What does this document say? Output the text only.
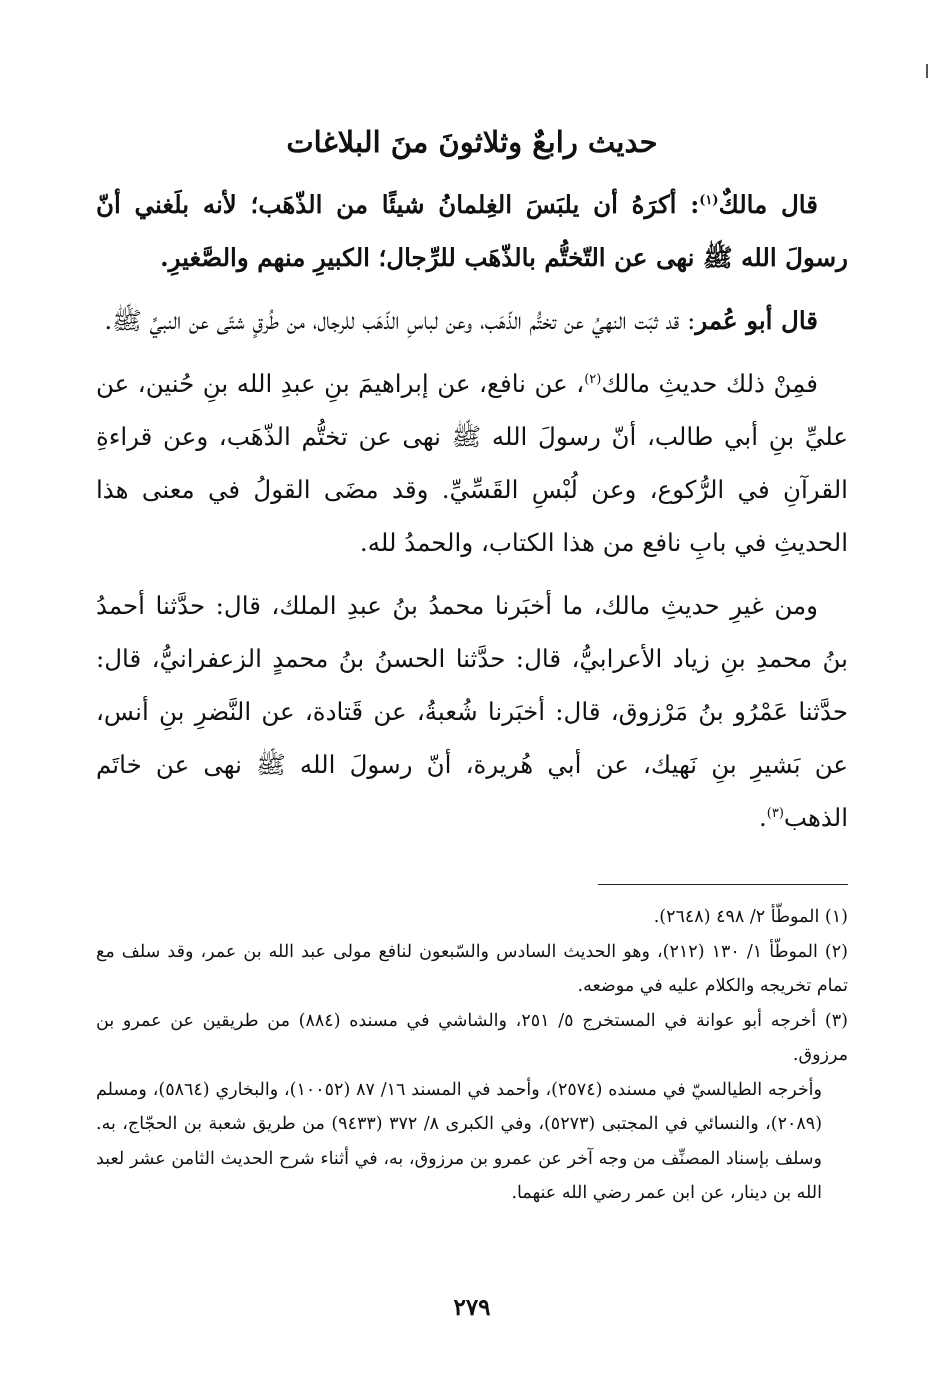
حديث رابعٌ وثلاثونَ منَ البلاغات

قال مالكٌ$^{(١)}$: أكرَهُ أن يلبَسَ الغِلمانُ شيئًا من الذّهَب؛ لأنه بلَغني أنّ رسولَ الله ﷺ نهى عن التّختُّم بالذّهَب للرِّجال؛ الكبيرِ منهم والصَّغيرِ.

قال أبو عُمر: قد ثبَت النهيُ عن تختُّم الذّهَب، وعن لباسِ الذّهَب للرجال، من طُرقٍ شتّى عن النبيِّ ﷺ.

فمِنْ ذلك حديثِ مالك$^{(٢)}$، عن نافع، عن إبراهيمَ بنِ عبدِ الله بنِ حُنين، عن عليِّ بنِ أبي طالب، أنّ رسولَ الله ﷺ نهى عن تختُّم الذّهَب، وعن قراءةِ القرآنِ في الرُّكوع، وعن لُبْسِ القَسِّيِّ. وقد مضَى القولُ في معنى هذا الحديثِ في بابِ نافع من هذا الكتاب، والحمدُ لله.

ومن غيرِ حديثِ مالك، ما أخبَرنا محمدُ بنُ عبدِ الملك، قال: حدَّثنا أحمدُ بنُ محمدِ بنِ زياد الأعرابيُّ، قال: حدَّثنا الحسنُ بنُ محمدٍ الزعفرانيُّ، قال: حدَّثنا عَمْرُو بنُ مَرْزوق، قال: أخبَرنا شُعبةُ، عن قَتادة، عن النَّضرِ بنِ أنس، عن بَشيرِ بنِ نَهيك، عن أبي هُريرة، أنّ رسولَ الله ﷺ نهى عن خاتَم الذهب$^{(٣)}$.

(١) الموطّأ ٢/ ٤٩٨ (٢٦٤٨).

(٢) الموطّأ ١/ ١٣٠ (٢١٢)، وهو الحديث السادس والسّبعون لنافع مولى عبد الله بن عمر، وقد سلف مع تمام تخريجه والكلام عليه في موضعه.

(٣) أخرجه أبو عوانة في المستخرج ٥/ ٢٥١، والشاشي في مسنده (٨٨٤) من طريقين عن عمرو بن مرزوق.

وأخرجه الطيالسيّ في مسنده (٢٥٧٤)، وأحمد في المسند ١٦/ ٨٧ (١٠٠٥٢)، والبخاري (٥٨٦٤)، ومسلم (٢٠٨٩)، والنسائي في المجتبى (٥٢٧٣)، وفي الكبرى ٨/ ٣٧٢ (٩٤٣٣) من طريق شعبة بن الحجّاج، به. وسلف بإسناد المصنِّف من وجه آخر عن عمرو بن مرزوق، به، في أثناء شرح الحديث الثامن عشر لعبد الله بن دينار، عن ابن عمر رضي الله عنهما.

٢٧٩
